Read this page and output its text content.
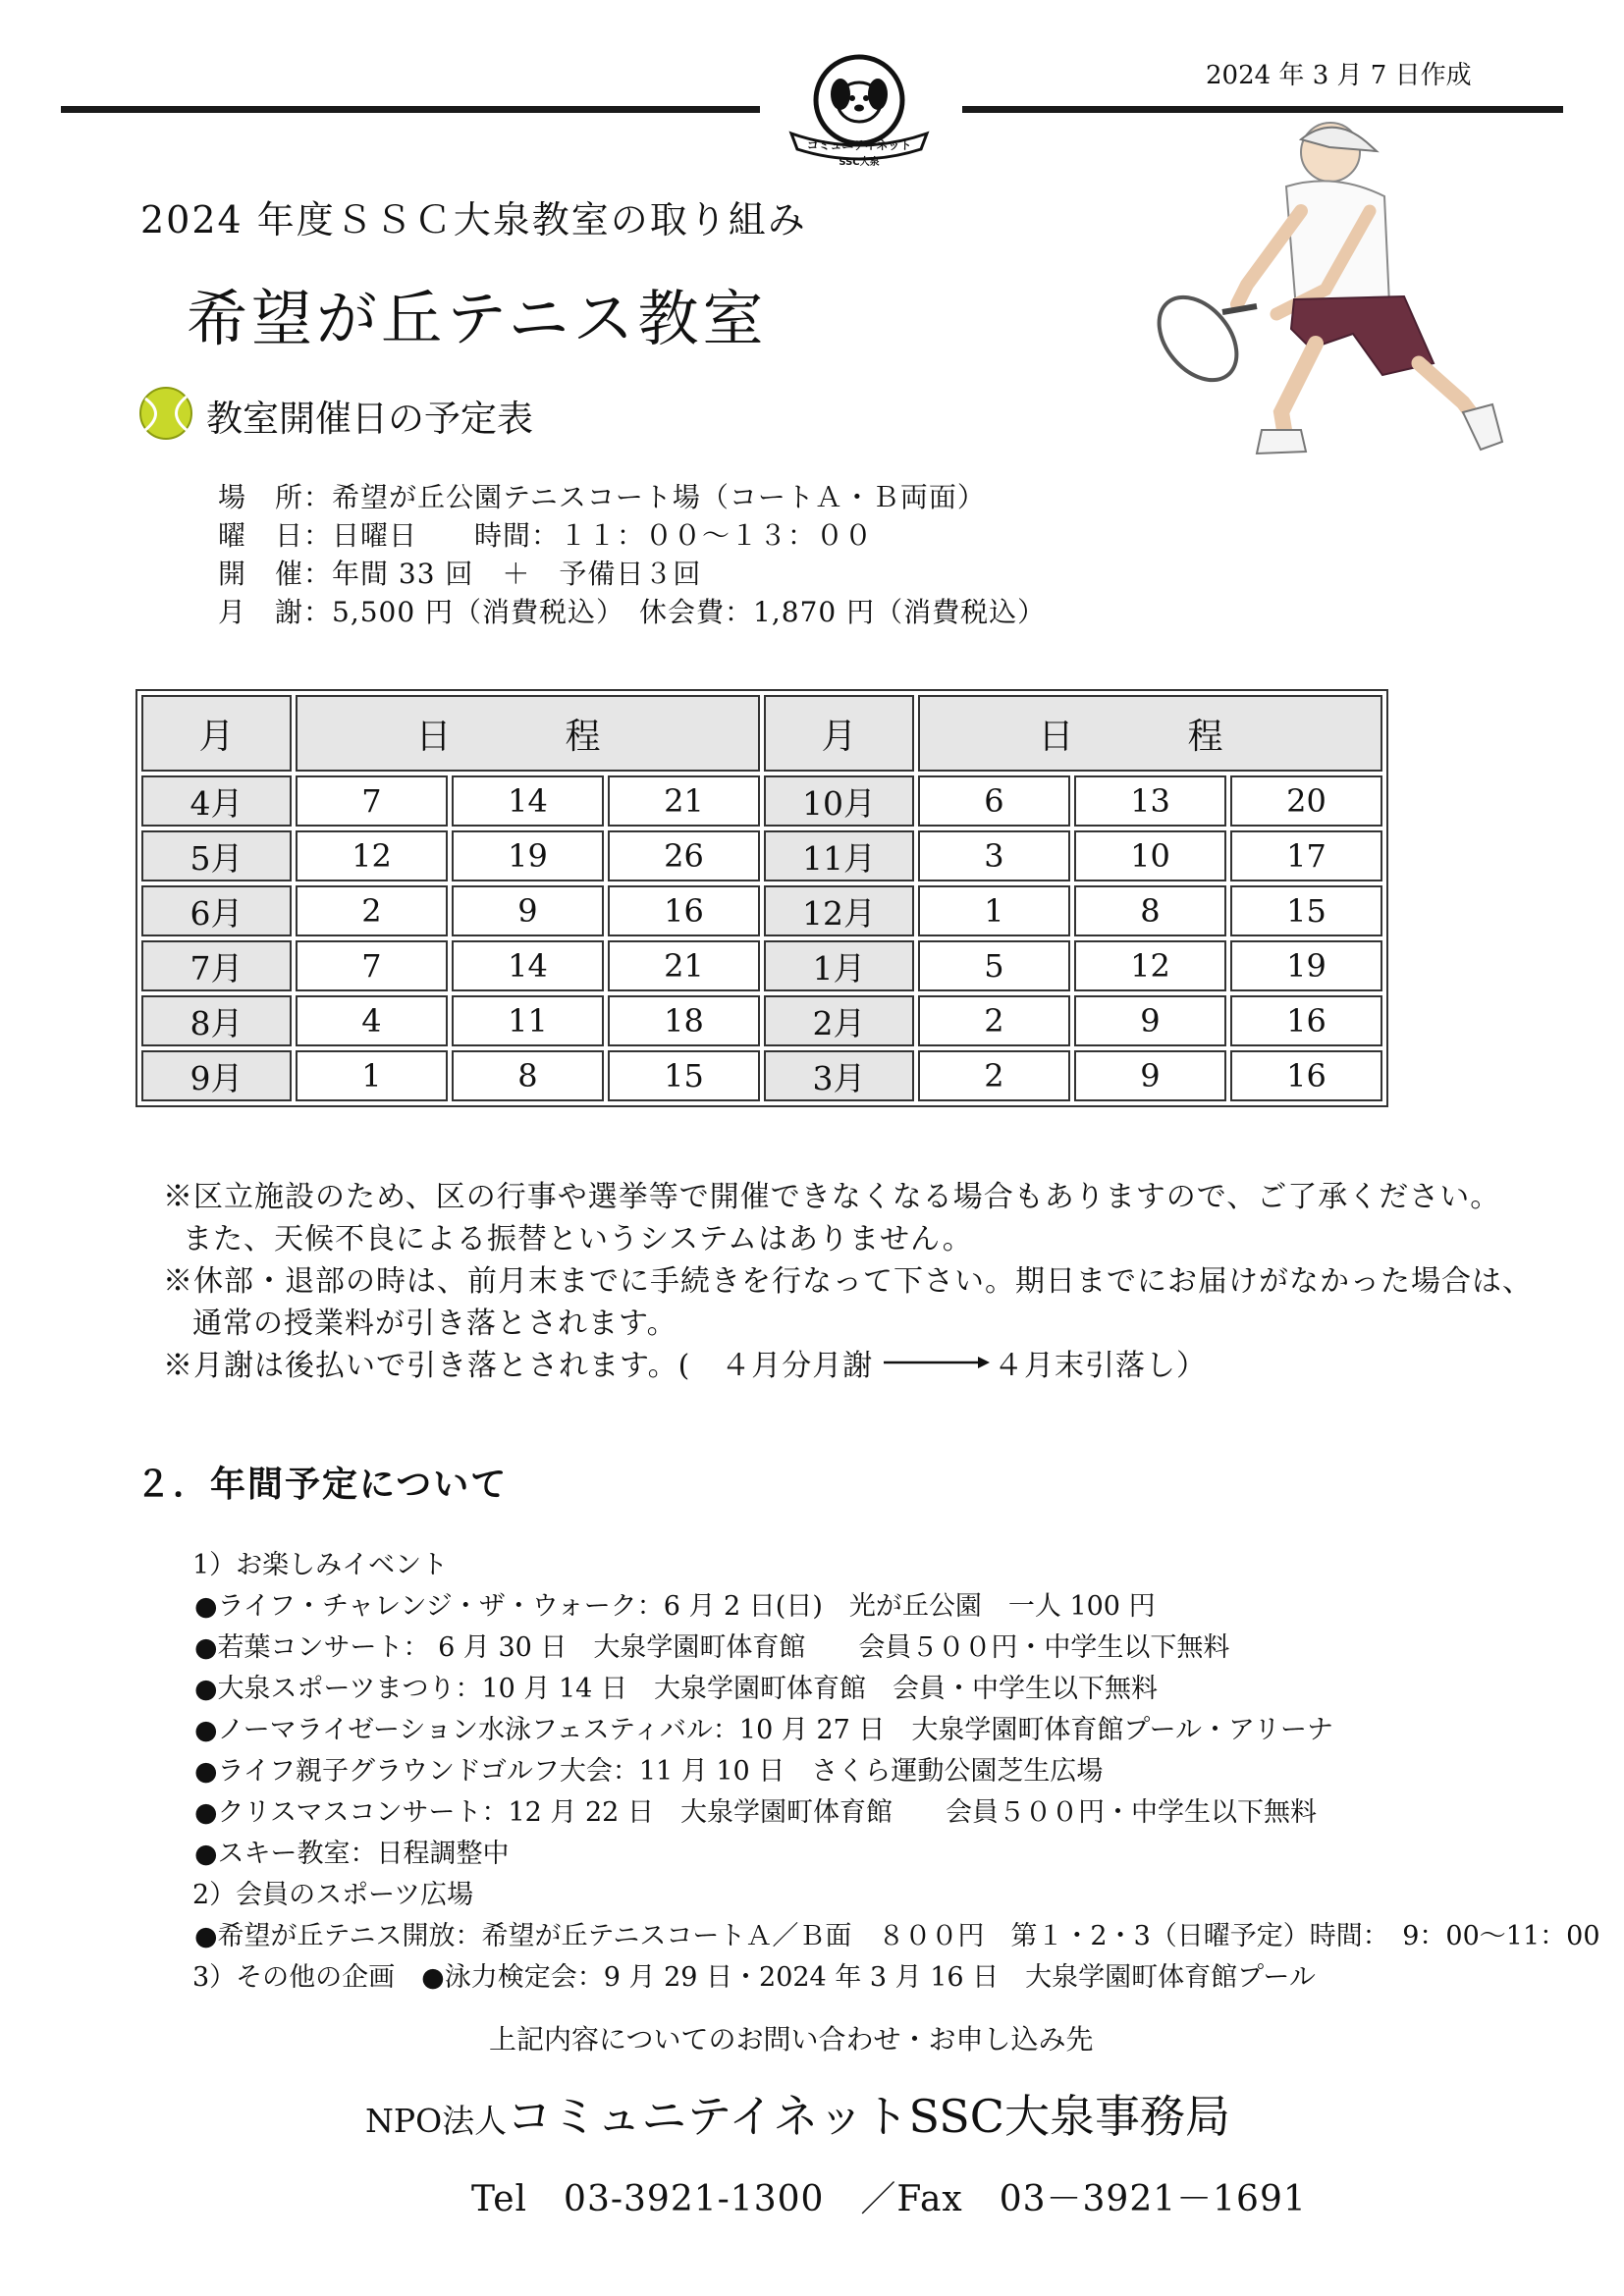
2024 年 3 月 7 日作成
コミュニテイネット
SSC大泉
2024 年度ＳＳＣ大泉教室の取り組み
希望が丘テニス教室
教室開催日の予定表
場　所：希望が丘公園テニスコート場（コートＡ・Ｂ両面）
曜　日：日曜日　　時間：１１：００～１３：００
開　催：年間 33 回　＋　予備日３回
月　謝：5,500 円（消費税込）　休会費：1,870 円（消費税込）
月	日　程			月	日　程		
4月	7	14	21	10月	6	13	20
5月	12	19	26	11月	3	10	17
6月	2	9	16	12月	1	8	15
7月	7	14	21	1月	5	12	19
8月	4	11	18	2月	2	9	16
9月	1	8	15	3月	2	9	16
※区立施設のため、区の行事や選挙等で開催できなくなる場合もありますので、ご了承ください。
また、天候不良による振替というシステムはありません。
※休部・退部の時は、前月末までに手続きを行なって下さい。期日までにお届けがなかった場合は、
通常の授業料が引き落とされます。
※月謝は後払いで引き落とされます。(　４月分月謝	４月末引落し）
２．年間予定について
1）お楽しみイベント
●ライフ・チャレンジ・ザ・ウォーク：6 月 2 日(日)　光が丘公園　一人 100 円
●若葉コンサート： 6 月 30 日　大泉学園町体育館　　会員５００円・中学生以下無料
●大泉スポーツまつり：10 月 14 日　大泉学園町体育館　会員・中学生以下無料
●ノーマライゼーション水泳フェスティバル：10 月 27 日　大泉学園町体育館プール・アリーナ
●ライフ親子グラウンドゴルフ大会：11 月 10 日　さくら運動公園芝生広場
●クリスマスコンサート：12 月 22 日　大泉学園町体育館　　会員５００円・中学生以下無料
●スキー教室：日程調整中
2）会員のスポーツ広場
●希望が丘テニス開放：希望が丘テニスコートＡ／Ｂ面　８００円　第１・2・3（日曜予定）時間：　9：00～11：00
3）その他の企画　●泳力検定会：9 月 29 日・2024 年 3 月 16 日　大泉学園町体育館プール
上記内容についてのお問い合わせ・お申し込み先
NPO法人コミュニテイネットSSC大泉事務局
Tel　03-3921-1300　／Fax　03－3921－1691
